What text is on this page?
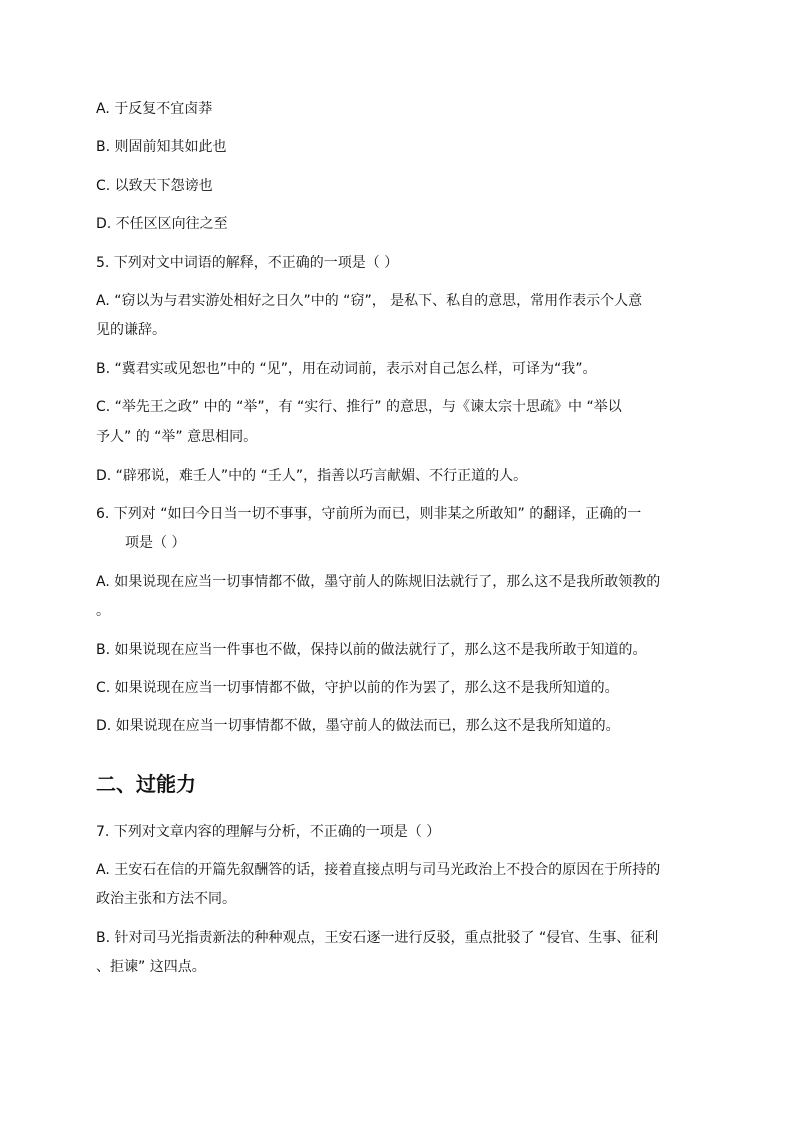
A. 于反复不宜卤莽
B. 则固前知其如此也
C. 以致天下怨谤也
D. 不任区区向往之至
5. 下列对文中词语的解释，不正确的一项是（ ）
A. “窃以为与君实游处相好之日久”中的 “窃”， 是私下、私自的意思，常用作表示个人意
见的谦辞。
B. “冀君实或见恕也”中的 “见”，用在动词前，表示对自己怎么样，可译为“我”。
C. “举先王之政” 中的 “举”，有 “实行、推行” 的意思，与《谏太宗十思疏》中 “举以
予人” 的 “举” 意思相同。
D. “辟邪说，难壬人”中的 “壬人”，指善以巧言献媚、不行正道的人。
6. 下列对 “如曰今日当一切不事事，守前所为而已，则非某之所敢知” 的翻译，正确的一
项是（ ）
A. 如果说现在应当一切事情都不做，墨守前人的陈规旧法就行了，那么这不是我所敢领教的
。
B. 如果说现在应当一件事也不做，保持以前的做法就行了，那么这不是我所敢于知道的。
C. 如果说现在应当一切事情都不做，守护以前的作为罢了，那么这不是我所知道的。
D. 如果说现在应当一切事情都不做，墨守前人的做法而已，那么这不是我所知道的。
二、过能力
7. 下列对文章内容的理解与分析，不正确的一项是（ ）
A. 王安石在信的开篇先叙酬答的话，接着直接点明与司马光政治上不投合的原因在于所持的
政治主张和方法不同。
B. 针对司马光指责新法的种种观点，王安石逐一进行反驳，重点批驳了 “侵官、生事、征利
、拒谏” 这四点。
